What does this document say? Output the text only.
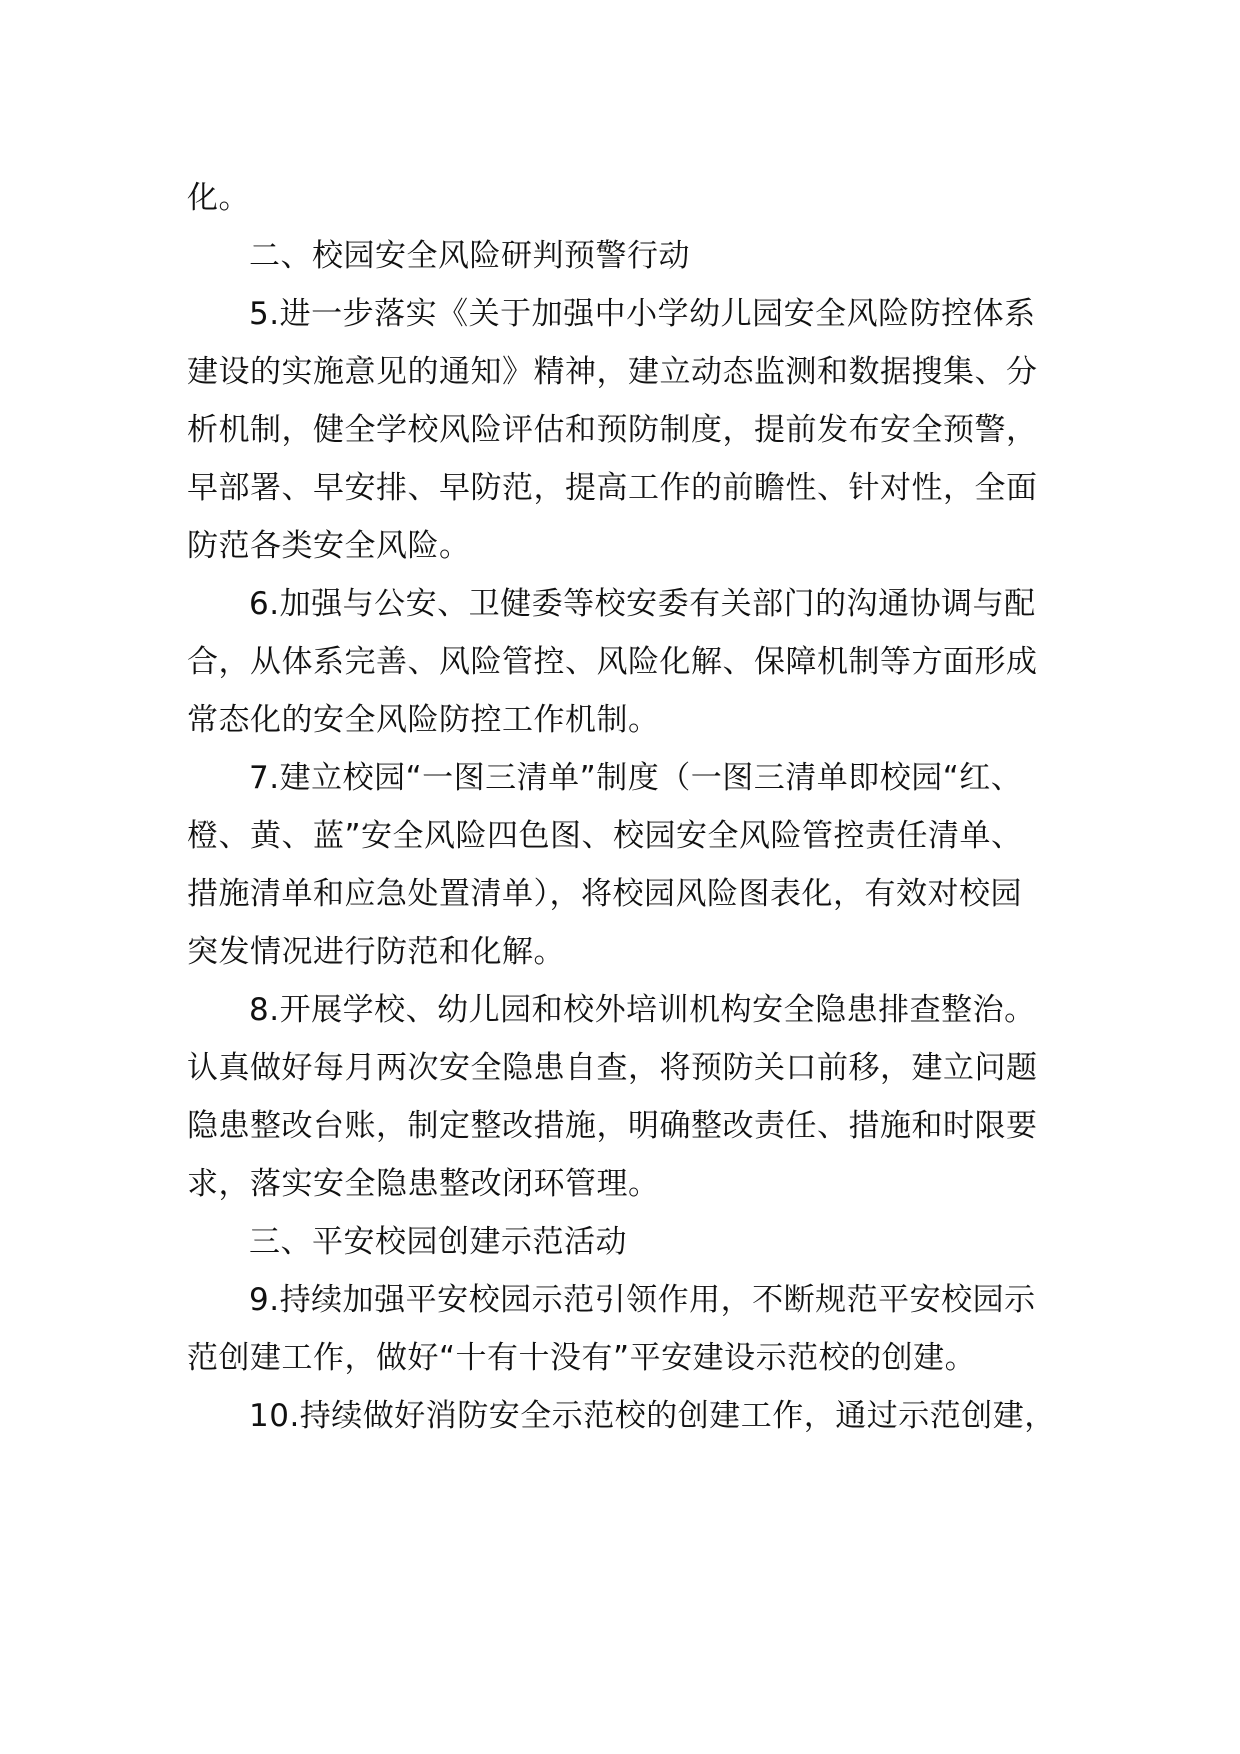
化。
二、校园安全风险研判预警行动
5.进一步落实《关于加强中小学幼儿园安全风险防控体系
建设的实施意见的通知》精神，建立动态监测和数据搜集、分
析机制，健全学校风险评估和预防制度，提前发布安全预警，
早部署、早安排、早防范，提高工作的前瞻性、针对性，全面
防范各类安全风险。
6.加强与公安、卫健委等校安委有关部门的沟通协调与配
合，从体系完善、风险管控、风险化解、保障机制等方面形成
常态化的安全风险防控工作机制。
7.建立校园“一图三清单”制度（一图三清单即校园“红、
橙、黄、蓝”安全风险四色图、校园安全风险管控责任清单、
措施清单和应急处置清单），将校园风险图表化，有效对校园
突发情况进行防范和化解。
8.开展学校、幼儿园和校外培训机构安全隐患排查整治。
认真做好每月两次安全隐患自查，将预防关口前移，建立问题
隐患整改台账，制定整改措施，明确整改责任、措施和时限要
求，落实安全隐患整改闭环管理。
三、平安校园创建示范活动
9.持续加强平安校园示范引领作用，不断规范平安校园示
范创建工作，做好“十有十没有”平安建设示范校的创建。
10.持续做好消防安全示范校的创建工作，通过示范创建，
